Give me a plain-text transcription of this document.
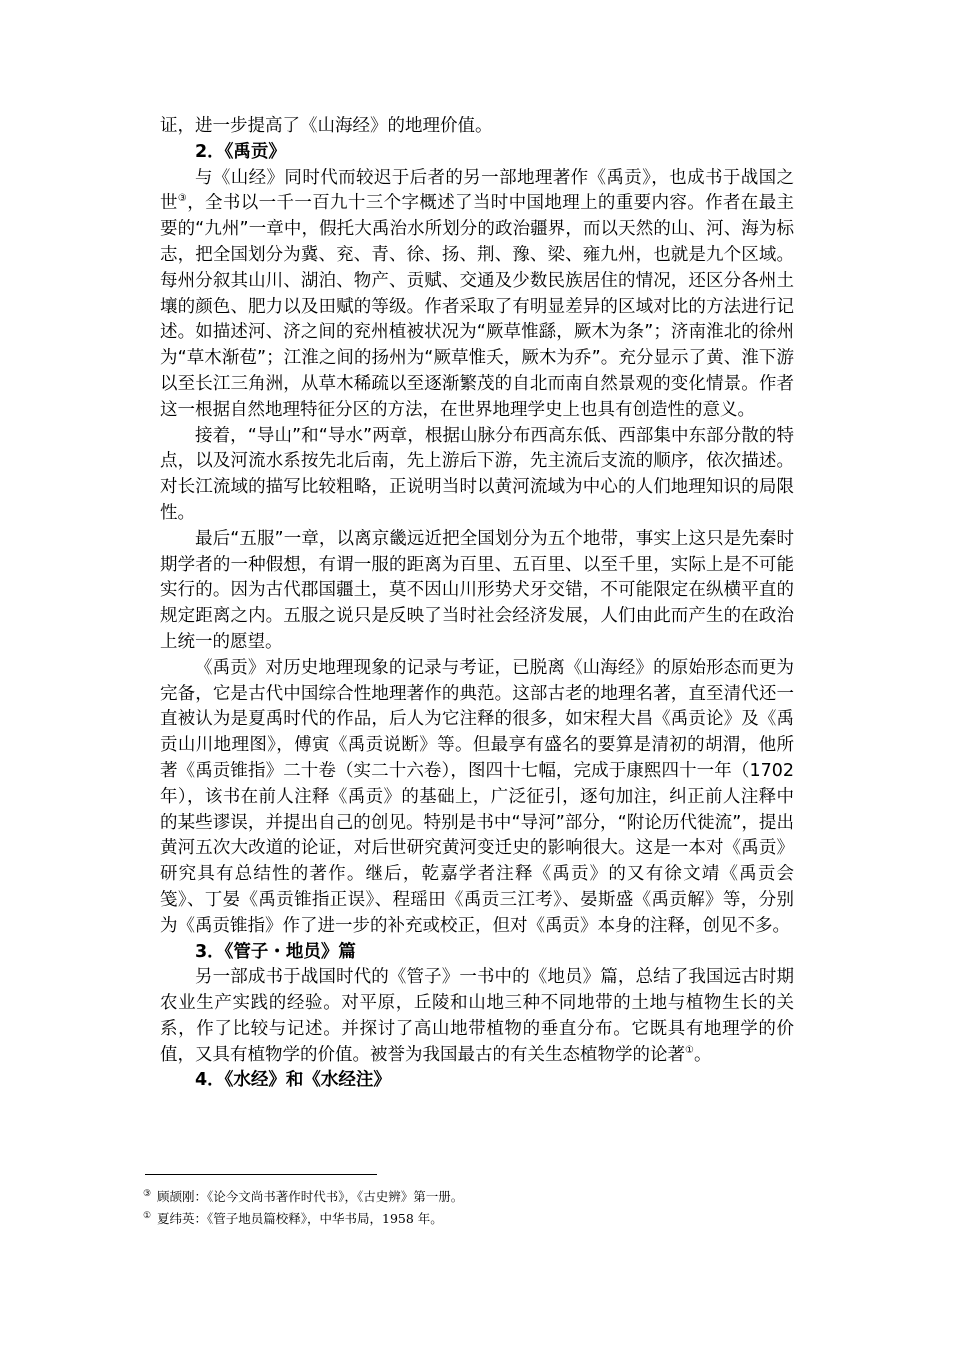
证，进一步提高了《山海经》的地理价值。

2．《禹贡》

与《山经》同时代而较迟于后者的另一部地理著作《禹贡》，也成书于战国之世③，全书以一千一百九十三个字概述了当时中国地理上的重要内容。作者在最主要的“九州”一章中，假托大禹治水所划分的政治疆界，而以天然的山、河、海为标志，把全国划分为冀、兖、青、徐、扬、荆、豫、梁、雍九州，也就是九个区域。每州分叙其山川、湖泊、物产、贡赋、交通及少数民族居住的情况，还区分各州土壤的颜色、肥力以及田赋的等级。作者采取了有明显差异的区域对比的方法进行记述。如描述河、济之间的兖州植被状况为“厥草惟繇，厥木为条”；济南淮北的徐州为“草木渐苞”；江淮之间的扬州为“厥草惟夭，厥木为乔”。充分显示了黄、淮下游以至长江三角洲，从草木稀疏以至逐渐繁茂的自北而南自然景观的变化情景。作者这一根据自然地理特征分区的方法，在世界地理学史上也具有创造性的意义。

接着，“导山”和“导水”两章，根据山脉分布西高东低、西部集中东部分散的特点，以及河流水系按先北后南，先上游后下游，先主流后支流的顺序，依次描述。对长江流域的描写比较粗略，正说明当时以黄河流域为中心的人们地理知识的局限性。

最后“五服”一章，以离京畿远近把全国划分为五个地带，事实上这只是先秦时期学者的一种假想，有谓一服的距离为百里、五百里、以至千里，实际上是不可能实行的。因为古代郡国疆土，莫不因山川形势犬牙交错，不可能限定在纵横平直的规定距离之内。五服之说只是反映了当时社会经济发展，人们由此而产生的在政治上统一的愿望。

《禹贡》对历史地理现象的记录与考证，已脱离《山海经》的原始形态而更为完备，它是古代中国综合性地理著作的典范。这部古老的地理名著，直至清代还一直被认为是夏禹时代的作品，后人为它注释的很多，如宋程大昌《禹贡论》及《禹贡山川地理图》，傅寅《禹贡说断》等。但最享有盛名的要算是清初的胡渭，他所著《禹贡锥指》二十卷（实二十六卷），图四十七幅，完成于康熙四十一年（1702 年），该书在前人注释《禹贡》的基础上，广泛征引，逐句加注，纠正前人注释中的某些谬误，并提出自己的创见。特别是书中“导河”部分，“附论历代徙流”，提出黄河五次大改道的论证，对后世研究黄河变迁史的影响很大。这是一本对《禹贡》研究具有总结性的著作。继后，乾嘉学者注释《禹贡》的又有徐文靖《禹贡会笺》、丁晏《禹贡锥指正误》、程瑶田《禹贡三江考》、晏斯盛《禹贡解》等，分别为《禹贡锥指》作了进一步的补充或校正，但对《禹贡》本身的注释，创见不多。

3．《管子・地员》篇

另一部成书于战国时代的《管子》一书中的《地员》篇，总结了我国远古时期农业生产实践的经验。对平原，丘陵和山地三种不同地带的土地与植物生长的关系，作了比较与记述。并探讨了高山地带植物的垂直分布。它既具有地理学的价值，又具有植物学的价值。被誉为我国最古的有关生态植物学的论著①。

4．《水经》和《水经注》

③ 顾颉刚：《论今文尚书著作时代书》，《古史辨》第一册。

① 夏纬英：《管子地员篇校释》，中华书局，1958 年。
